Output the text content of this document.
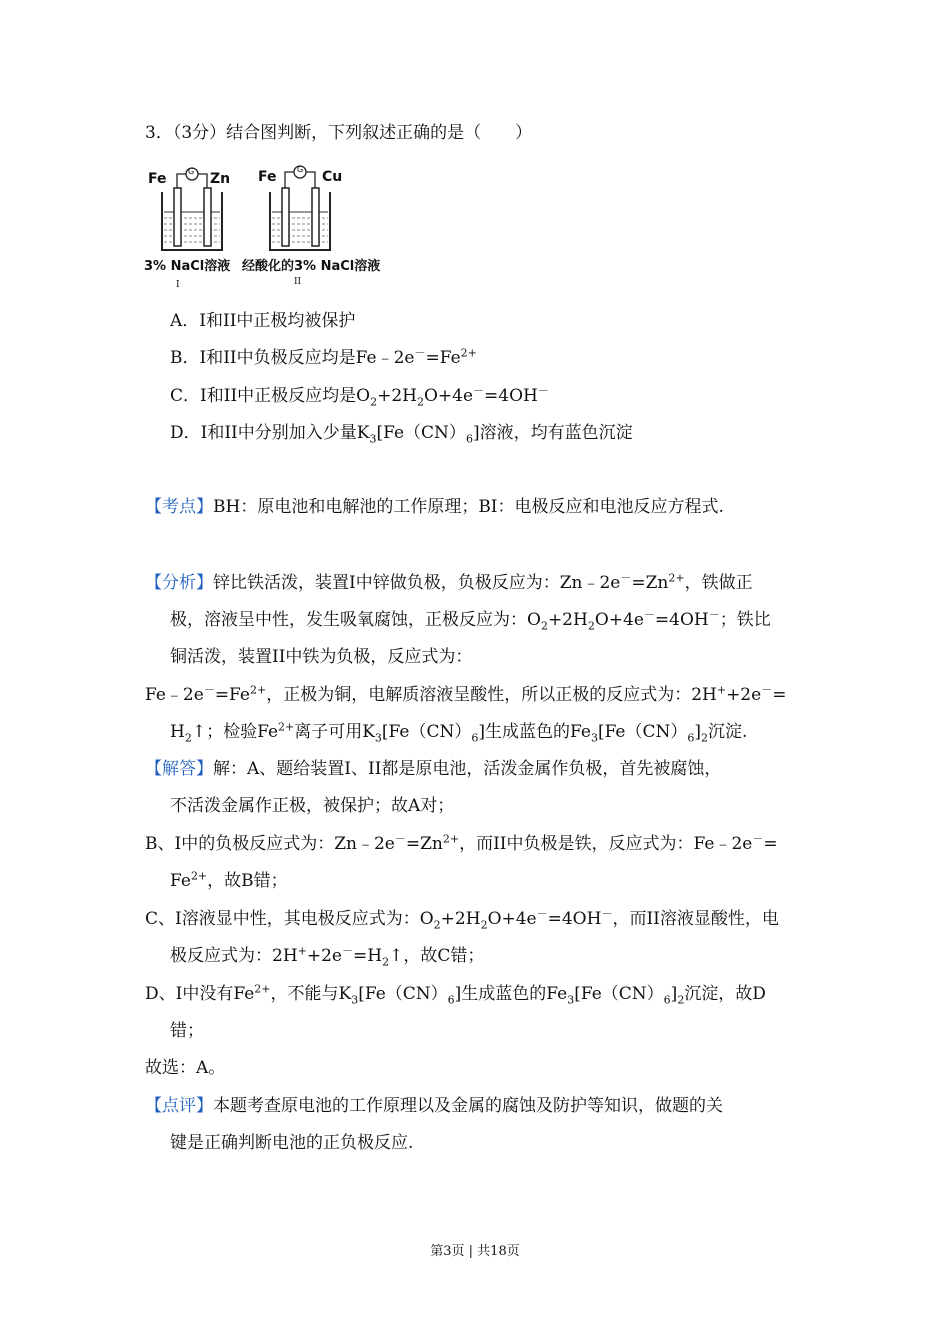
3．（3分）结合图判断，下列叙述正确的是（　　）
Fe	Zn
G	Fe	Cu
G
3% NaCl溶液 经酸化的3% NaCl溶液
I	II
A．I和II中正极均被保护
B．I和II中负极反应均是$Fe﹣2e^-=Fe^{2+}$
C．I和II中正极反应均是$O_2+2H_2O+4e^-=4OH^-$
D．I和II中分别加入少量$K_3[Fe(CN)_6]$溶液，均有蓝色沉淀
【考点】BH：原电池和电解池的工作原理；BI：电极反应和电池反应方程式.
【分析】锌比铁活泼，装置I中锌做负极，负极反应为：$Zn﹣2e^-=Zn^{2+}$，铁做正
极，溶液呈中性，发生吸氧腐蚀，正极反应为：$O_2+2H_2O+4e^-=4OH^-$；铁比
铜活泼，装置II中铁为负极，反应式为：
$Fe﹣2e^-=Fe^{2+}$，正极为铜，电解质溶液呈酸性，所以正极的反应式为：2H++2e－=
$H_2↑$；检验$Fe^{2+}$离子可用$K_3[Fe(CN)_6]$生成蓝色的$Fe_3[Fe(CN)_6]_2$沉淀.
【解答】解：A、题给装置I、II都是原电池，活泼金属作负极，首先被腐蚀，
不活泼金属作正极，被保护；故A对；
B、I中的负极反应式为：$Zn﹣2e^-=Zn^{2+}$，而II中负极是铁，反应式为：Fe﹣2e－=
$Fe^{2+}$，故B错；
C、I溶液显中性，其电极反应式为：$O_2+2H_2O+4e^-=4OH^-$，而II溶液显酸性，电
极反应式为：$2H^++2e^-=H_2↑$，故C错；
D、I中没有$Fe^{2+}$，不能与$K_3[Fe(CN)_6]$生成蓝色的$Fe_3[Fe(CN)_6]_2$沉淀，故D
错；
故选：A。
【点评】本题考查原电池的工作原理以及金属的腐蚀及防护等知识，做题的关
键是正确判断电池的正负极反应.
第3页 | 共18页
